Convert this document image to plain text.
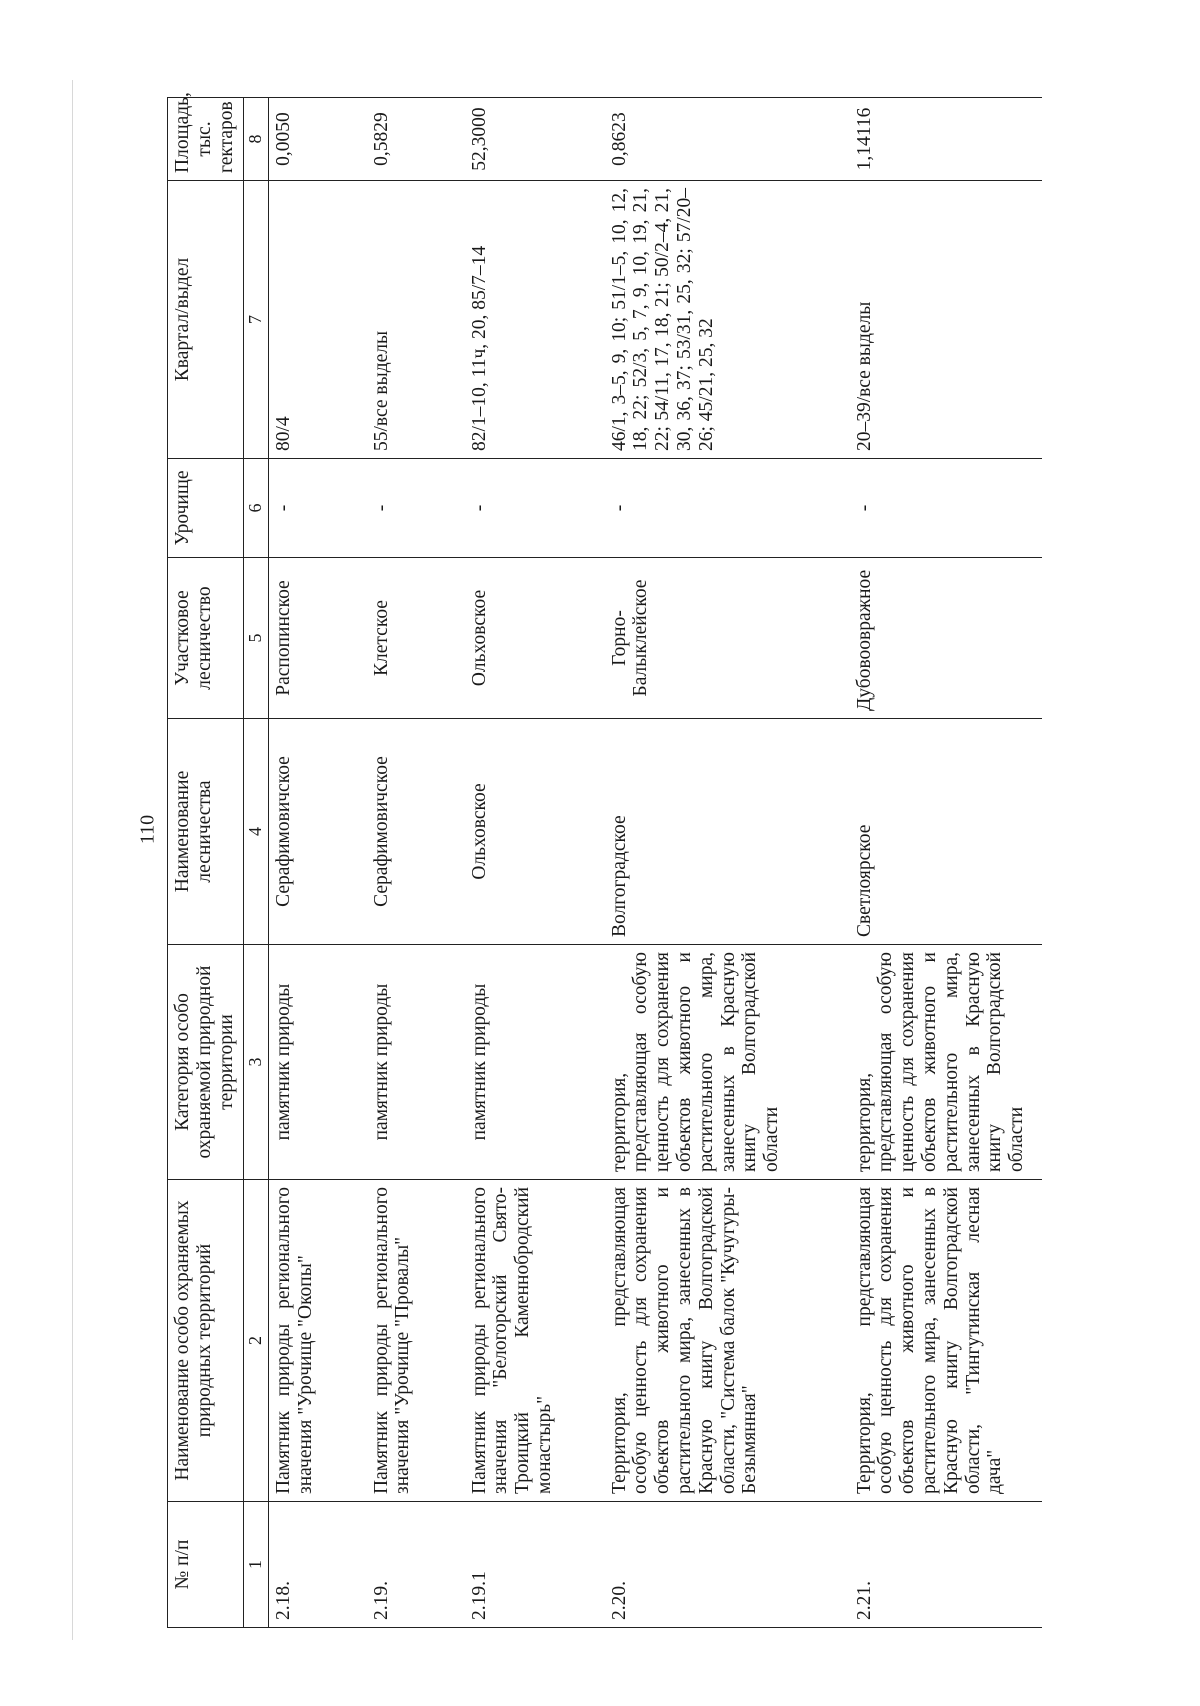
110
№ п/п	Наименование особо охраняемых природных территорий	Категория особо охраняемой природной территории	Наименование лесничества	Участковое лесничество	Урочище	Квартал/выдел	Площадь, тыс. гектаров
1	2	3	4	5	6	7	8
2.18.	Памятник природы регионального значения "Урочище "Окопы"	памятник природы	Серафимовичское	Распопинское	-	80/4	0,0050
2.19.	Памятник природы регионального значения "Урочище "Провалы"	памятник природы	Серафимовичское	Клетское	-	55/все выделы	0,5829
2.19.1	Памятник природы регионального значения "Белогорский Свято-Троицкий Каменнобродский монастырь"	памятник природы	Ольховское	Ольховское	-	82/1–10, 11ч, 20, 85/7–14	52,3000
2.20.	Территория, представляющая особую ценность для сохранения объектов животного и растительного мира, занесенных в Красную книгу Волгоградской области, "Система балок "Кучугуры-Безымянная"	территория, представляющая особую ценность для сохранения объектов животного и растительного мира, занесенных в Красную книгу Волгоградской области	Волгоградское	Горно-Балыклейское	-	46/1, 3–5, 9, 10; 51/1–5, 10, 12, 18, 22; 52/3, 5, 7, 9, 10, 19, 21, 22; 54/11, 17, 18, 21; 50/2–4, 21, 30, 36, 37; 53/31, 25, 32; 57/20–26; 45/21, 25, 32	0,8623
2.21.	Территория, представляющая особую ценность для сохранения объектов животного и растительного мира, занесенных в Красную книгу Волгоградской области, "Тингутинская лесная дача"	территория, представляющая особую ценность для сохранения объектов животного и растительного мира, занесенных в Красную книгу Волгоградской области	Светлоярское	Дубовоовражное	-	20–39/все выделы	1,14116
